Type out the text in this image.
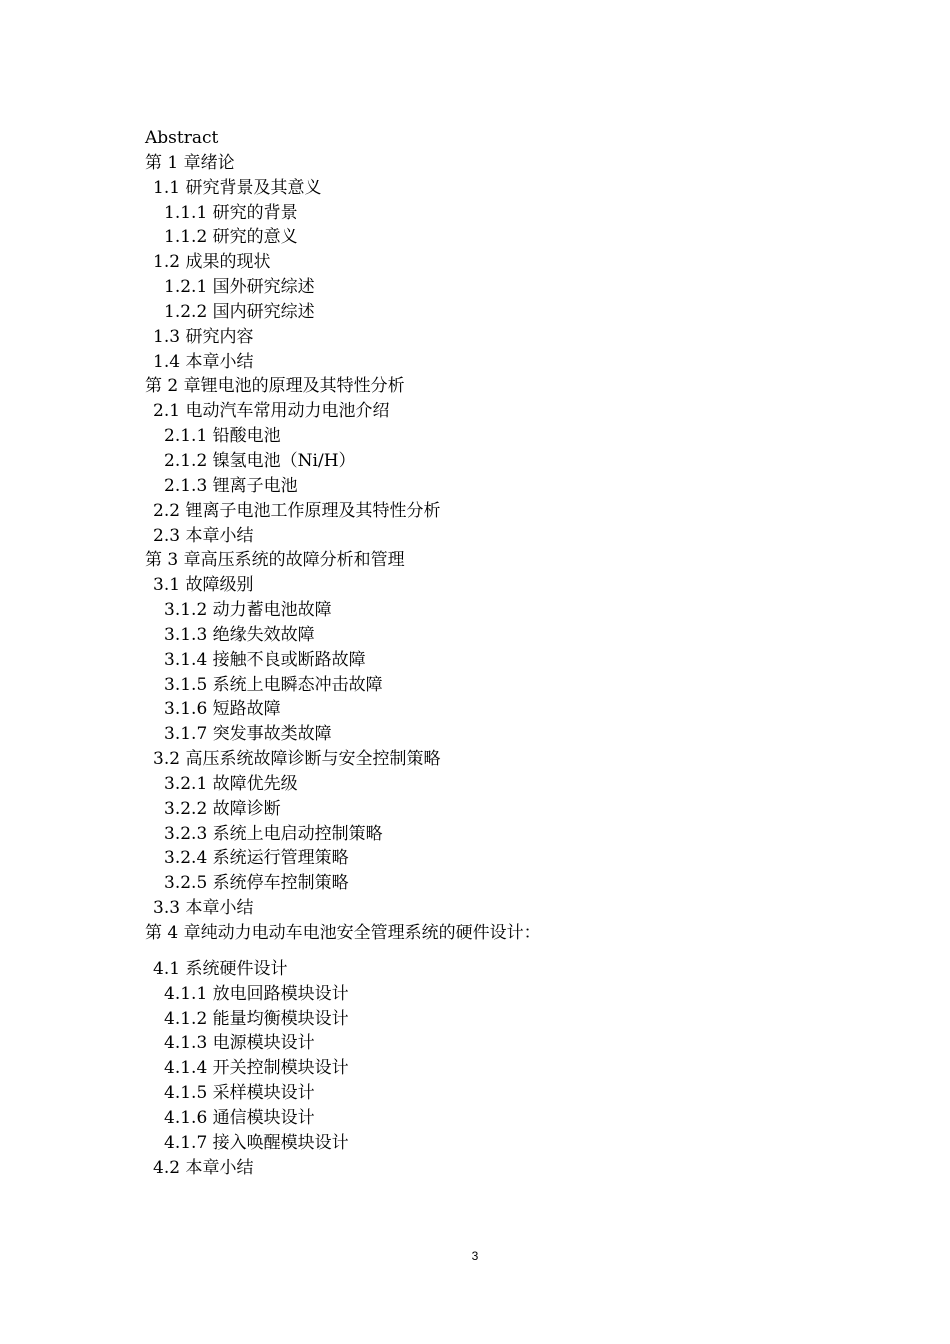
Abstract
第 1 章绪论
1.1 研究背景及其意义
1.1.1 研究的背景
1.1.2 研究的意义
1.2 成果的现状
1.2.1 国外研究综述
1.2.2 国内研究综述
1.3 研究内容
1.4 本章小结
第 2 章锂电池的原理及其特性分析
2.1 电动汽车常用动力电池介绍
2.1.1 铅酸电池
2.1.2 镍氢电池（Ni/H）
2.1.3 锂离子电池
2.2 锂离子电池工作原理及其特性分析
2.3 本章小结
第 3 章高压系统的故障分析和管理
3.1 故障级别
3.1.2 动力蓄电池故障
3.1.3 绝缘失效故障
3.1.4 接触不良或断路故障
3.1.5 系统上电瞬态冲击故障
3.1.6 短路故障
3.1.7 突发事故类故障
3.2 高压系统故障诊断与安全控制策略
3.2.1 故障优先级
3.2.2 故障诊断
3.2.3 系统上电启动控制策略
3.2.4 系统运行管理策略
3.2.5 系统停车控制策略
3.3 本章小结
第 4 章纯动力电动车电池安全管理系统的硬件设计：
4.1 系统硬件设计
4.1.1 放电回路模块设计
4.1.2 能量均衡模块设计
4.1.3 电源模块设计
4.1.4 开关控制模块设计
4.1.5 采样模块设计
4.1.6 通信模块设计
4.1.7 接入唤醒模块设计
4.2 本章小结
3
